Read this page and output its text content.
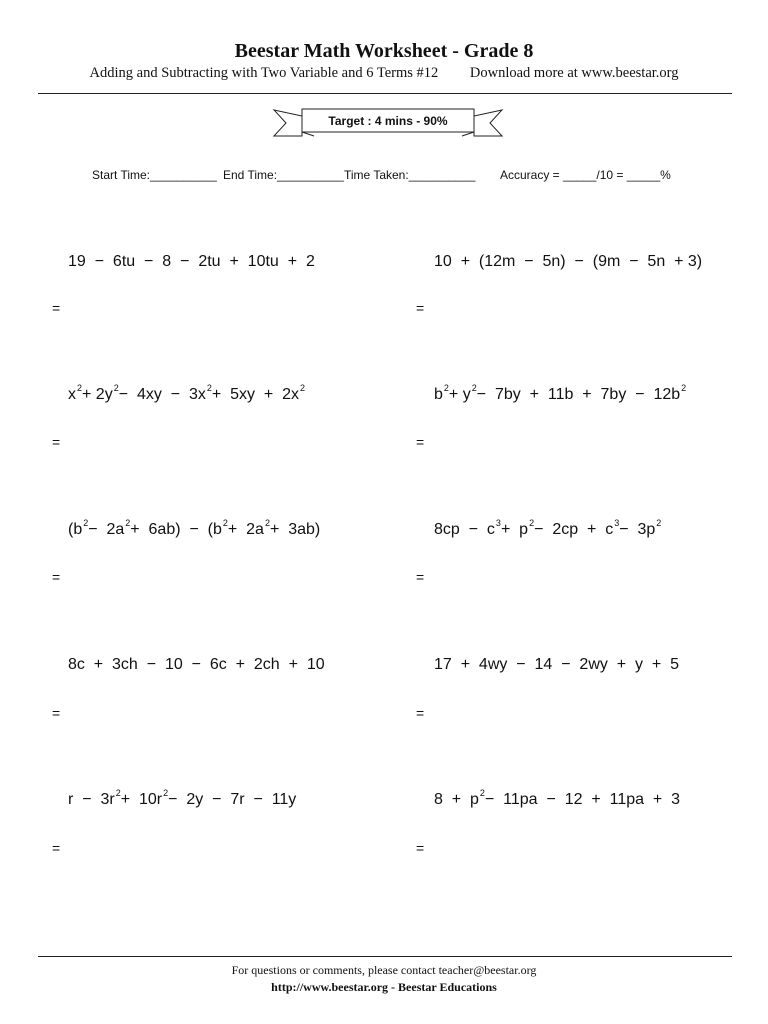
Beestar Math Worksheet - Grade 8
Adding and Subtracting with Two Variable and 6 Terms #12 Download more at www.beestar.org
Target : 4 mins - 90%
Start Time:__________ End Time:__________ Time Taken:__________ Accuracy = _____/10 = _____%
19  −  6tu  −  8  −  2tu  +  10tu  +  2
=
10  +  (12m  −  5n)  −  (9m  −  5n  + 3)
=
$x^2+ 2y^2- 4xy - 3x^2+ 5xy + 2x^2$
=
$b^2+ y^2- 7by + 11b + 7by - 12b^2$
=
$(b^2- 2a^2+ 6ab) - (b^2+ 2a^2+ 3ab)$
=
$8cp - c^3+ p^2- 2cp + c^3- 3p^2$
=
8c  +  3ch  −  10  −  6c  +  2ch  +  10
=
17  +  4wy  −  14  −  2wy  +  y  +  5
=
$r - 3r^2+ 10r^2- 2y - 7r - 11y$
=
$8 + p^2- 11pa - 12 + 11pa + 3$
=
For questions or comments, please contact teacher@beestar.org
http://www.beestar.org - Beestar Educations
